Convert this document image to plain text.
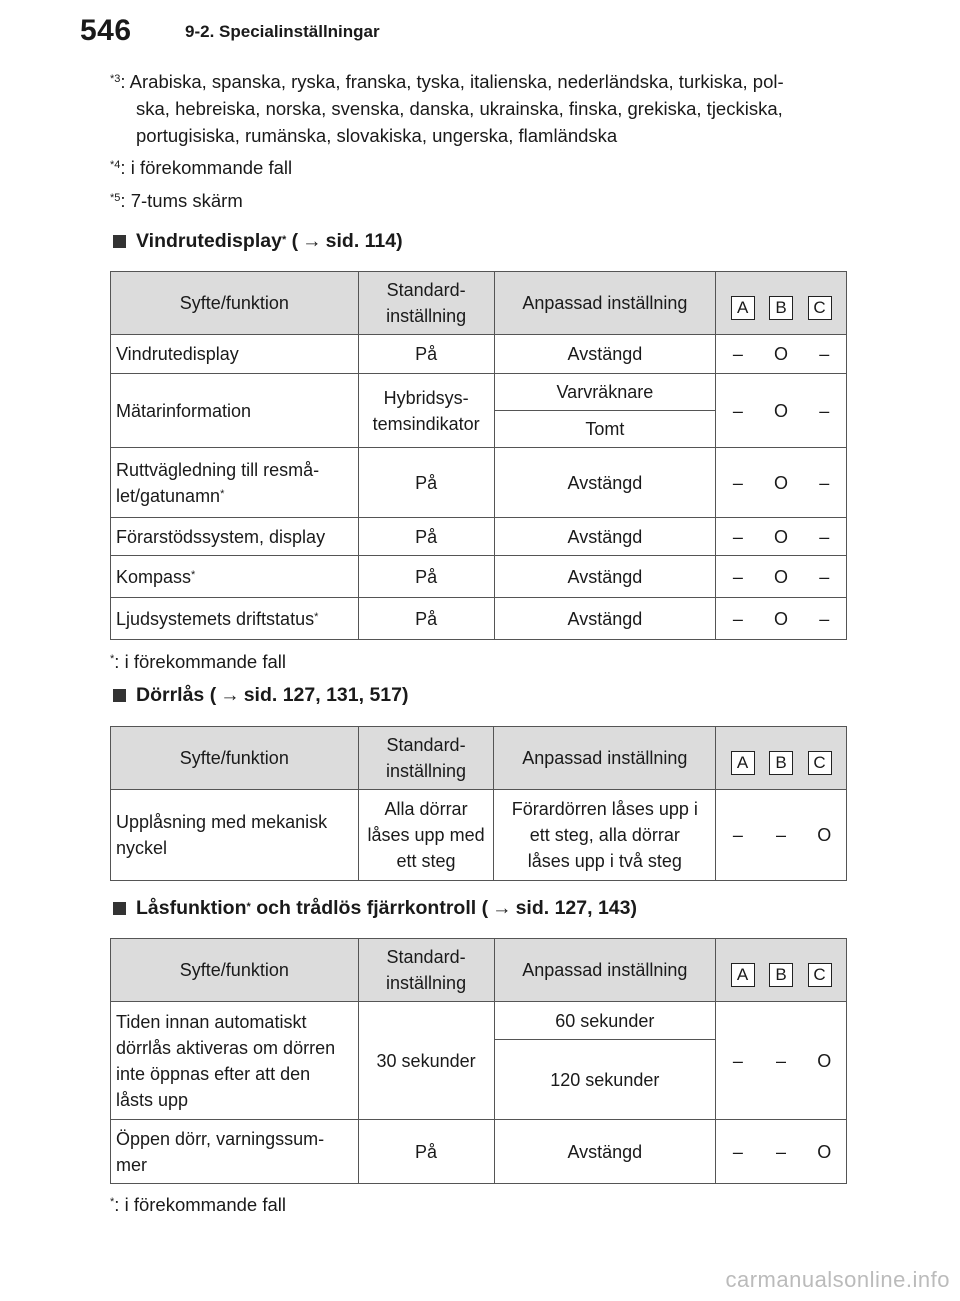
546	9-2. Specialinställningar
$^{*3}$: Arabiska, spanska, ryska, franska, tyska, italienska, nederländska, turkiska, pol-
ska, hebreiska, norska, svenska, danska, ukrainska, finska, grekiska, tjeckiska,
portugisiska, rumänska, slovakiska, ungerska, flamländska
$^{*4}$: i förekommande fall
$^{*5}$: 7-tums skärm
Vindrutedisplay* ( → sid. 114 )
Syfte/funktion	Standard-
inställning	Anpassad inställning	A B C		

Vindrutedisplay	På	Avstängd	–	O	–
Mätarinformation	Hybridsys-
temsindikator	Varvräknare	–	O	–
		Tomt			
Ruttvägledning till resmå-
let/gatunamn*	På	Avstängd	–	O	–
Förarstödssystem, display	På	Avstängd	–	O	–
Kompass*	På	Avstängd	–	O	–
Ljudsystemets driftstatus*	På	Avstängd	–	O	–
*: i förekommande fall
Dörrlås ( → sid. 127, 131, 517)
Syfte/funktion	Standard-
inställning	Anpassad inställning	A B C		

Upplåsning med mekanisk
nyckel	Alla dörrar
låses upp med
ett steg	Förardörren låses upp i
ett steg, alla dörrar
låses upp i två steg	–	–	O
Låsfunktion*
och trådlös fjärrkontroll ( → sid. 127, 143)
Syfte/funktion	Standard-
inställning	Anpassad inställning	A B C		

Tiden innan automatiskt
dörrlås aktiveras om dörren
inte öppnas efter att den
låsts upp	30 sekunder	60 sekunder	–	–	O
		120 sekunder			
Öppen dörr, varningssum-
mer	På	Avstängd	–	–	O
*: i förekommande fall
carmanualsonline.info
